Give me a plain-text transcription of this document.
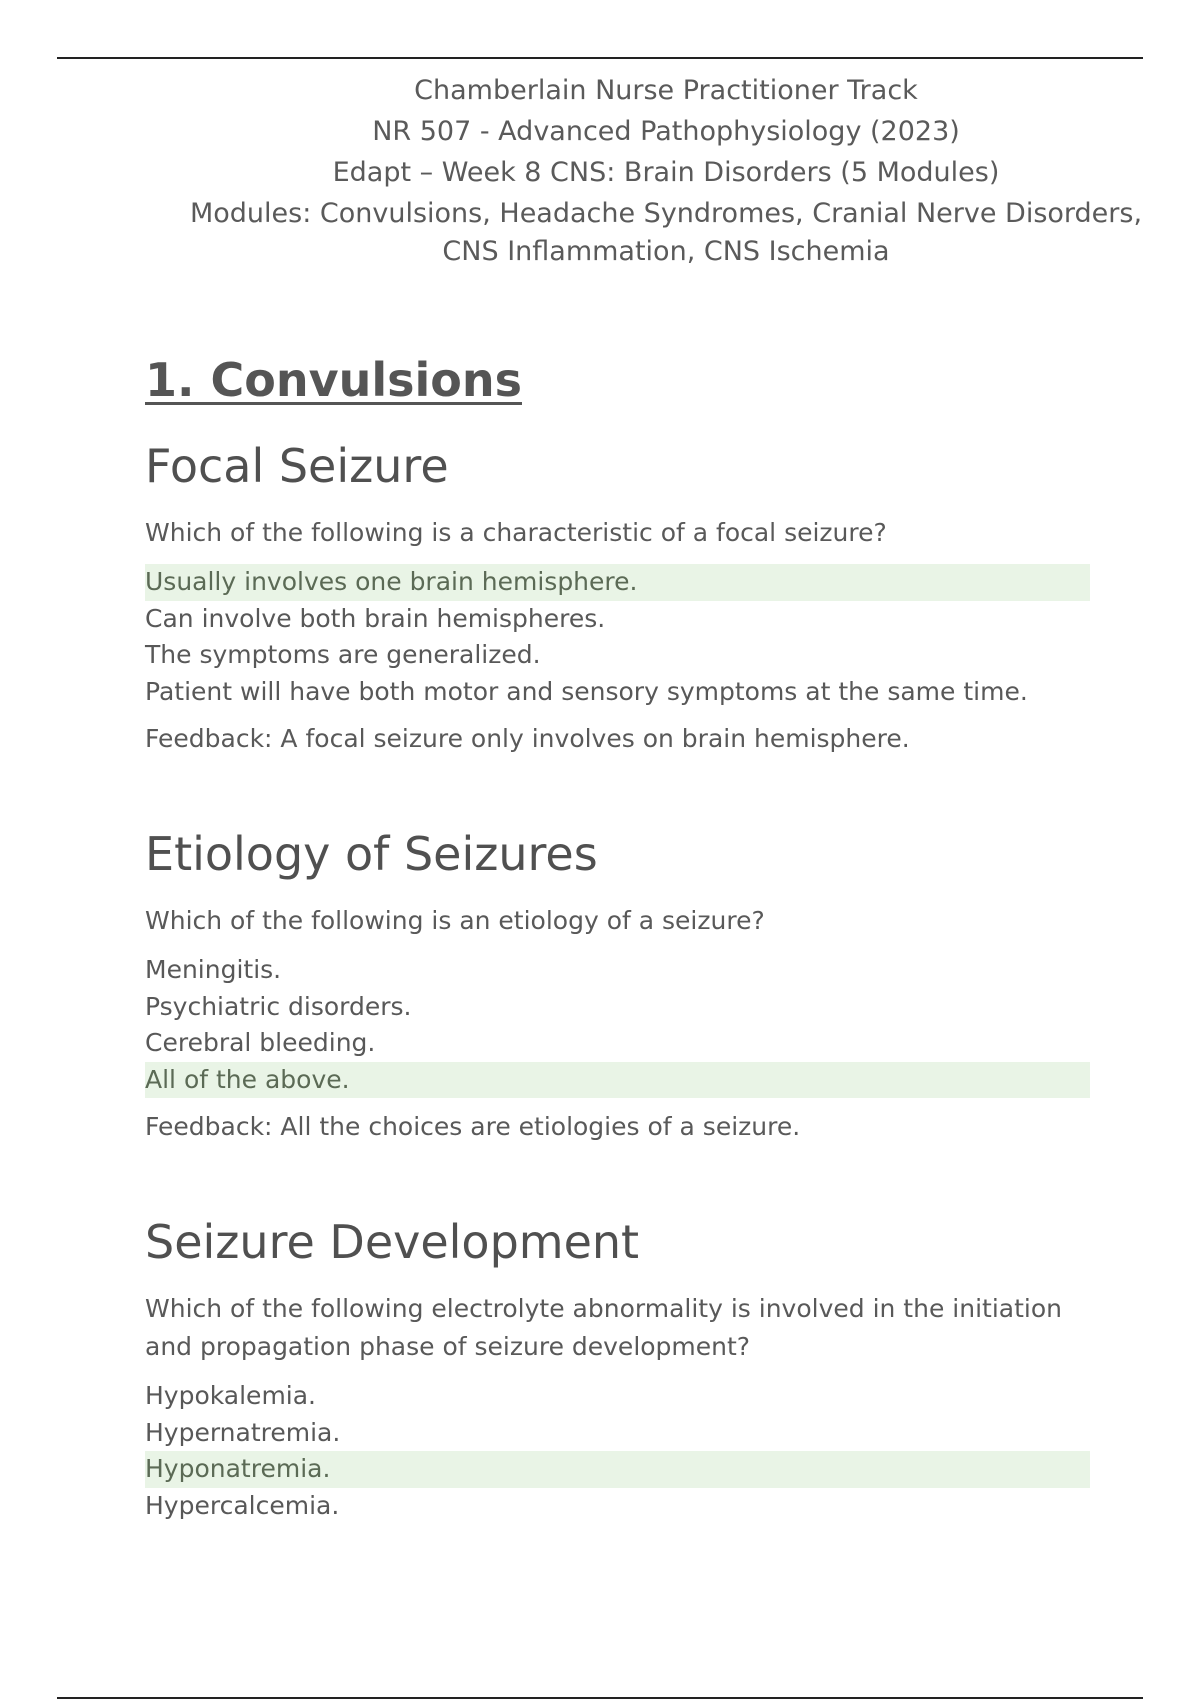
Chamberlain Nurse Practitioner Track
NR 507 - Advanced Pathophysiology (2023)
Edapt – Week 8 CNS: Brain Disorders (5 Modules)
Modules: Convulsions, Headache Syndromes, Cranial Nerve Disorders, CNS Inflammation, CNS Ischemia
1. Convulsions
Focal Seizure
Which of the following is a characteristic of a focal seizure?
Usually involves one brain hemisphere.
Can involve both brain hemispheres.
The symptoms are generalized.
Patient will have both motor and sensory symptoms at the same time.
Feedback: A focal seizure only involves on brain hemisphere.
Etiology of Seizures
Which of the following is an etiology of a seizure?
Meningitis.
Psychiatric disorders.
Cerebral bleeding.
All of the above.
Feedback: All the choices are etiologies of a seizure.
Seizure Development
Which of the following electrolyte abnormality is involved in the initiation and propagation phase of seizure development?
Hypokalemia.
Hypernatremia.
Hyponatremia.
Hypercalcemia.
